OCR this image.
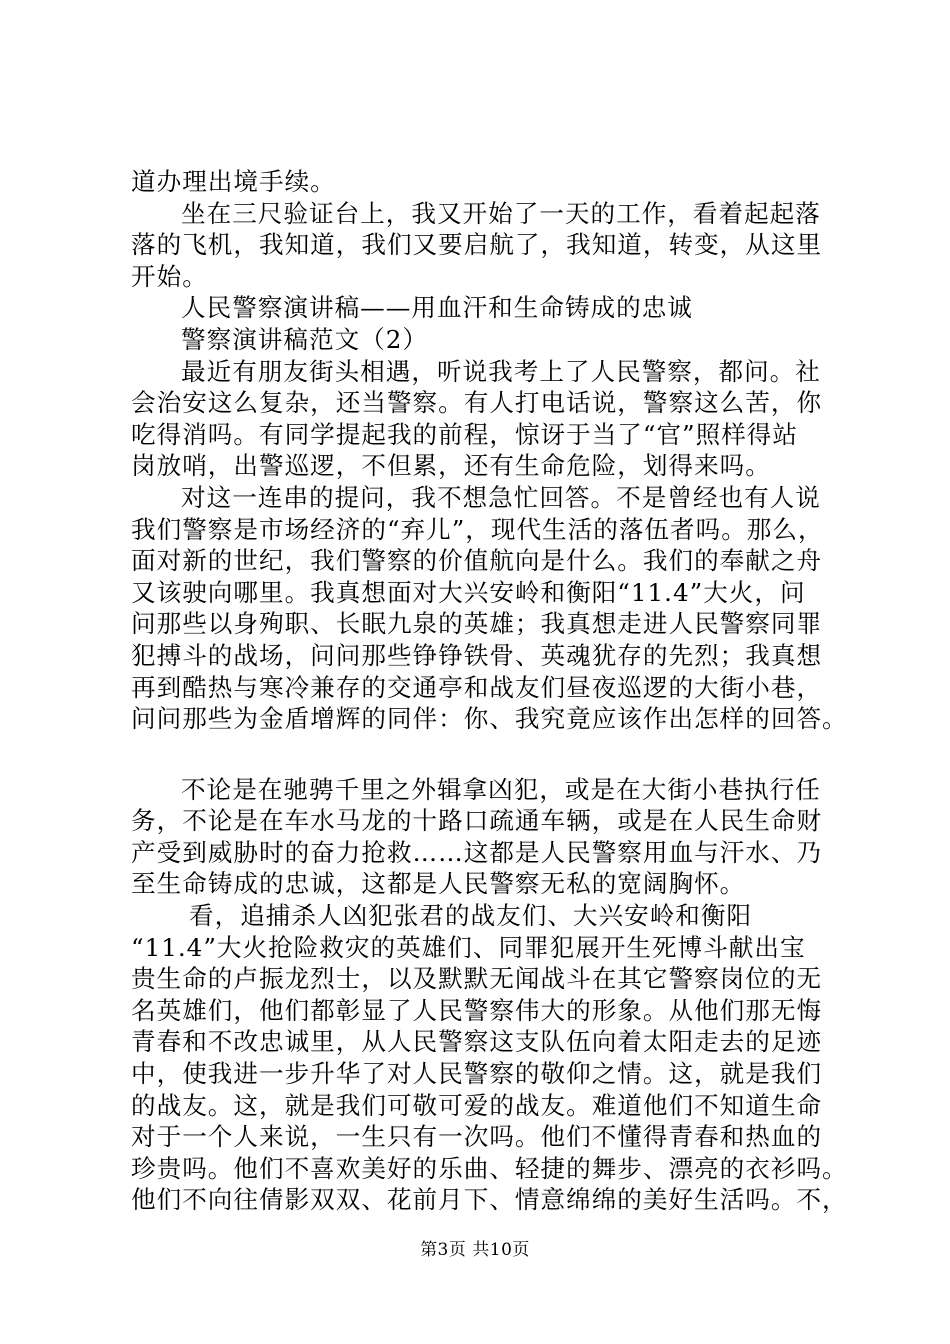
道办理出境手续。
坐在三尺验证台上，我又开始了一天的工作，看着起起落
落的飞机，我知道，我们又要启航了，我知道，转变，从这里
开始。
人民警察演讲稿——用血汗和生命铸成的忠诚
警察演讲稿范文（2）
最近有朋友街头相遇，听说我考上了人民警察，都问。社
会治安这么复杂，还当警察。有人打电话说，警察这么苦，你
吃得消吗。有同学提起我的前程，惊讶于当了“官”照样得站
岗放哨，出警巡逻，不但累，还有生命危险，划得来吗。
对这一连串的提问，我不想急忙回答。不是曾经也有人说
我们警察是市场经济的“弃儿”，现代生活的落伍者吗。那么，
面对新的世纪，我们警察的价值航向是什么。我们的奉献之舟
又该驶向哪里。我真想面对大兴安岭和衡阳“11.4”大火，问
问那些以身殉职、长眠九泉的英雄；我真想走进人民警察同罪
犯搏斗的战场，问问那些铮铮铁骨、英魂犹存的先烈；我真想
再到酷热与寒冷兼存的交通亭和战友们昼夜巡逻的大街小巷，
问问那些为金盾增辉的同伴：你、我究竟应该作出怎样的回答。
不论是在驰骋千里之外辑拿凶犯，或是在大街小巷执行任
务，不论是在车水马龙的十路口疏通车辆，或是在人民生命财
产受到威胁时的奋力抢救……这都是人民警察用血与汗水、乃
至生命铸成的忠诚，这都是人民警察无私的宽阔胸怀。
看，追捕杀人凶犯张君的战友们、大兴安岭和衡阳
“11.4”大火抢险救灾的英雄们、同罪犯展开生死博斗献出宝
贵生命的卢振龙烈士，以及默默无闻战斗在其它警察岗位的无
名英雄们，他们都彰显了人民警察伟大的形象。从他们那无悔
青春和不改忠诚里，从人民警察这支队伍向着太阳走去的足迹
中，使我进一步升华了对人民警察的敬仰之情。这，就是我们
的战友。这，就是我们可敬可爱的战友。难道他们不知道生命
对于一个人来说，一生只有一次吗。他们不懂得青春和热血的
珍贵吗。他们不喜欢美好的乐曲、轻捷的舞步、漂亮的衣衫吗。
他们不向往倩影双双、花前月下、情意绵绵的美好生活吗。不，
第3页 共10页
